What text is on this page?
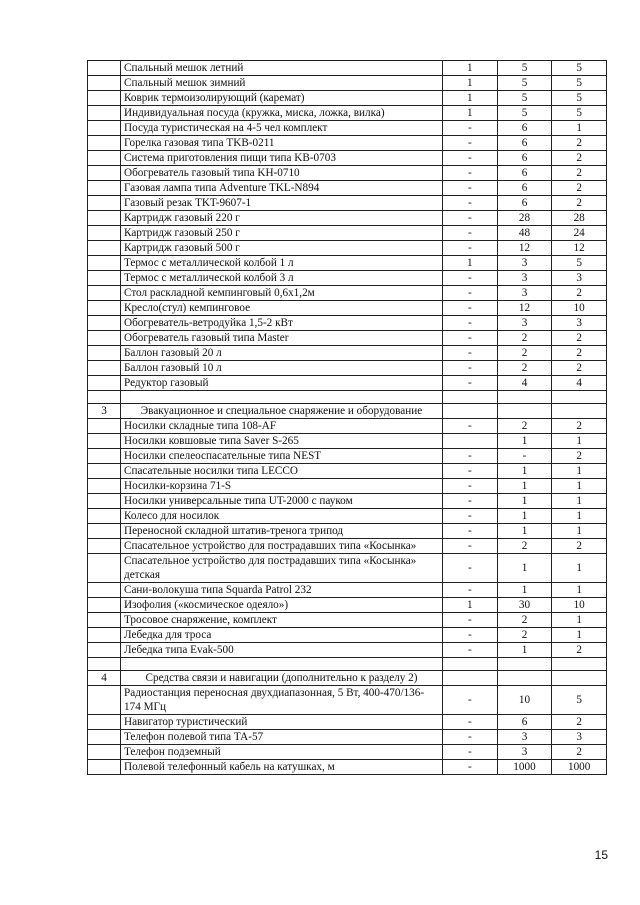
	Спальный мешок летний	1	5	5
	Спальный мешок зимний	1	5	5
	Коврик термоизолирующий (каремат)	1	5	5
	Индивидуальная посуда (кружка, миска, ложка, вилка)	1	5	5
	Посуда туристическая на 4-5 чел комплект	-	6	1
	Горелка газовая типа TKB-0211	-	6	2
	Система приготовления пищи типа KB-0703	-	6	2
	Обогреватель газовый типа KH-0710	-	6	2
	Газовая лампа типа Adventure TKL-N894	-	6	2
	Газовый резак TKT-9607-1	-	6	2
	Картридж газовый 220 г	-	28	28
	Картридж газовый 250 г	-	48	24
	Картридж газовый 500 г	-	12	12
	Термос с металлической колбой 1 л	1	3	5
	Термос с металлической колбой 3 л	-	3	3
	Стол раскладной кемпинговый 0,6х1,2м	-	3	2
	Кресло(стул) кемпинговое	-	12	10
	Обогреватель-ветродуйка 1,5-2 кВт	-	3	3
	Обогреватель газовый типа Master	-	2	2
	Баллон газовый 20 л	-	2	2
	Баллон газовый 10 л	-	2	2
	Редуктор газовый	-	4	4

3	Эвакуационное и специальное снаряжение и оборудование			
	Носилки складные типа 108-AF	-	2	2
	Носилки ковшовые типа Saver S-265		1	1
	Носилки спелеоспасательные типа NEST	-	-	2
	Спасательные носилки типа LECCO	-	1	1
	Носилки-корзина 71-S	-	1	1
	Носилки универсальные типа UT-2000 с пауком	-	1	1
	Колесо для носилок	-	1	1
	Переносной складной штатив-тренога трипод	-	1	1
	Спасательное устройство для пострадавших типа «Косынка»	-	2	2
	Спасательное устройство для пострадавших типа «Косынка» детская	-	1	1
	Сани-волокуша типа Squarda Patrol 232	-	1	1
	Изофолия («космическое одеяло»)	1	30	10
	Тросовое снаряжение, комплект	-	2	1
	Лебедка для троса	-	2	1
	Лебедка типа Evak-500	-	1	2

4	Средства связи и навигации (дополнительно к разделу 2)			
	Радиостанция переносная двухдиапазонная, 5 Вт, 400-470/136-174 МГц	-	10	5
	Навигатор туристический	-	6	2
	Телефон полевой типа ТА-57	-	3	3
	Телефон подземный	-	3	2
	Полевой телефонный кабель на катушках, м	-	1000	1000
15
